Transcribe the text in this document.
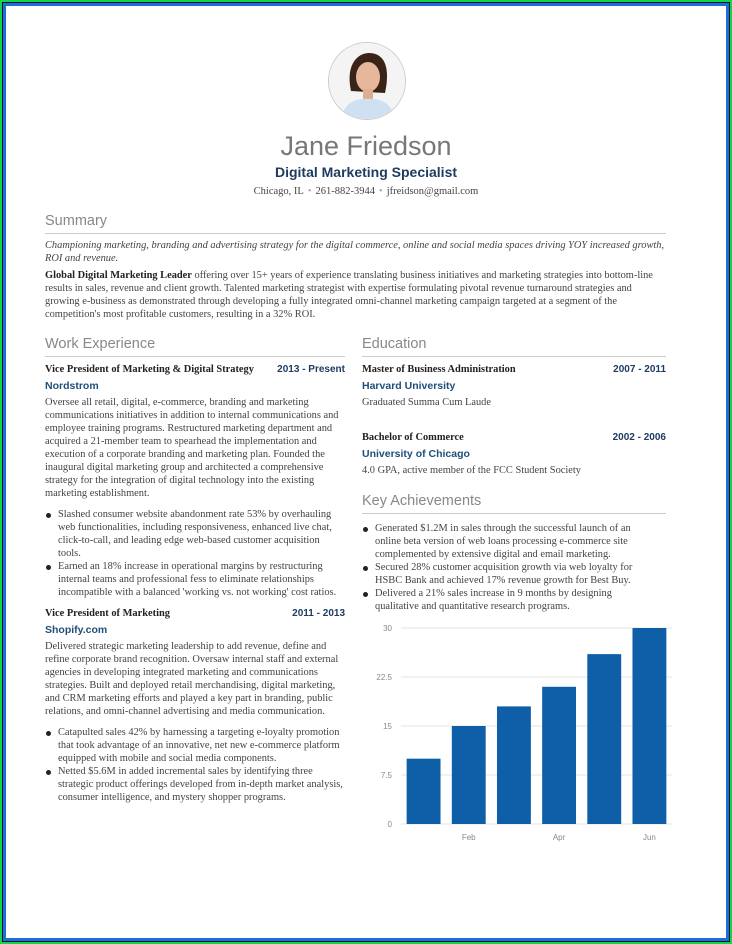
Jane Friedson
Digital Marketing Specialist
Chicago, IL • 261-882-3944 • jfreidson@gmail.com
Summary

Championing marketing, branding and advertising strategy for the digital commerce, online and social media spaces driving YOY increased growth, ROI and revenue.

Global Digital Marketing Leader offering over 15+ years of experience translating business initiatives and marketing strategies into bottom-line results in sales, revenue and client growth. Talented marketing strategist with expertise formulating pivotal revenue turnaround strategies and growing e-business as demonstrated through developing a fully integrated omni-channel marketing campaign targeted at a segment of the competition's most profitable customers, resulting in a 32% ROI.

Work Experience
Vice President of Marketing & Digital Strategy 2013 - Present
Nordstrom

Oversee all retail, digital, e-commerce, branding and marketing communications initiatives in addition to internal communications and employee training programs. Restructured marketing department and acquired a 21-member team to spearhead the implementation and execution of a corporate branding and marketing plan. Founded the inaugural digital marketing group and architected a comprehensive strategy for the integration of digital technology into the existing marketing establishment.

Slashed consumer website abandonment rate 53% by overhauling web functionalities, including responsiveness, enhanced live chat, click-to-call, and leading edge web-based customer acquisition tools.
Earned an 18% increase in operational margins by restructuring internal teams and professional fess to eliminate relationships incompatible with a balanced 'working vs. not working' cost ratios.
Vice President of Marketing	2011 - 2013
Shopify.com

Delivered strategic marketing leadership to add revenue, define and refine corporate brand recognition. Oversaw internal staff and external agencies in developing integrated marketing and communications strategies. Built and deployed retail merchandising, digital marketing, and CRM marketing efforts and played a key part in branding, public relations, and omni-channel advertising and media communication.

Catapulted sales 42% by harnessing a targeting e-loyalty promotion that took advantage of an innovative, net new e-commerce platform equipped with mobile and social media components.
Netted $5.6M in added incremental sales by identifying three strategic product offerings developed from in-depth market analysis, consumer intelligence, and mystery shopper programs.
Education
Master of Business Administration	2007 - 2011
Harvard University

Graduated Summa Cum Laude

Bachelor of Commerce	2002 - 2006
University of Chicago

4.0 GPA, active member of the FCC Student Society

Key Achievements
Generated $1.2M in sales through the successful launch of an online beta version of web loans processing e-commerce site complemented by extensive digital and email marketing.
Secured 28% customer acquisition growth via web loyalty for HSBC Bank and achieved 17% revenue growth for Best Buy.
Delivered a 21% sales increase in 9 months by designing qualitative and quantitative research programs.
0
7.5
15
22.5
30
Feb	Apr	Jun
